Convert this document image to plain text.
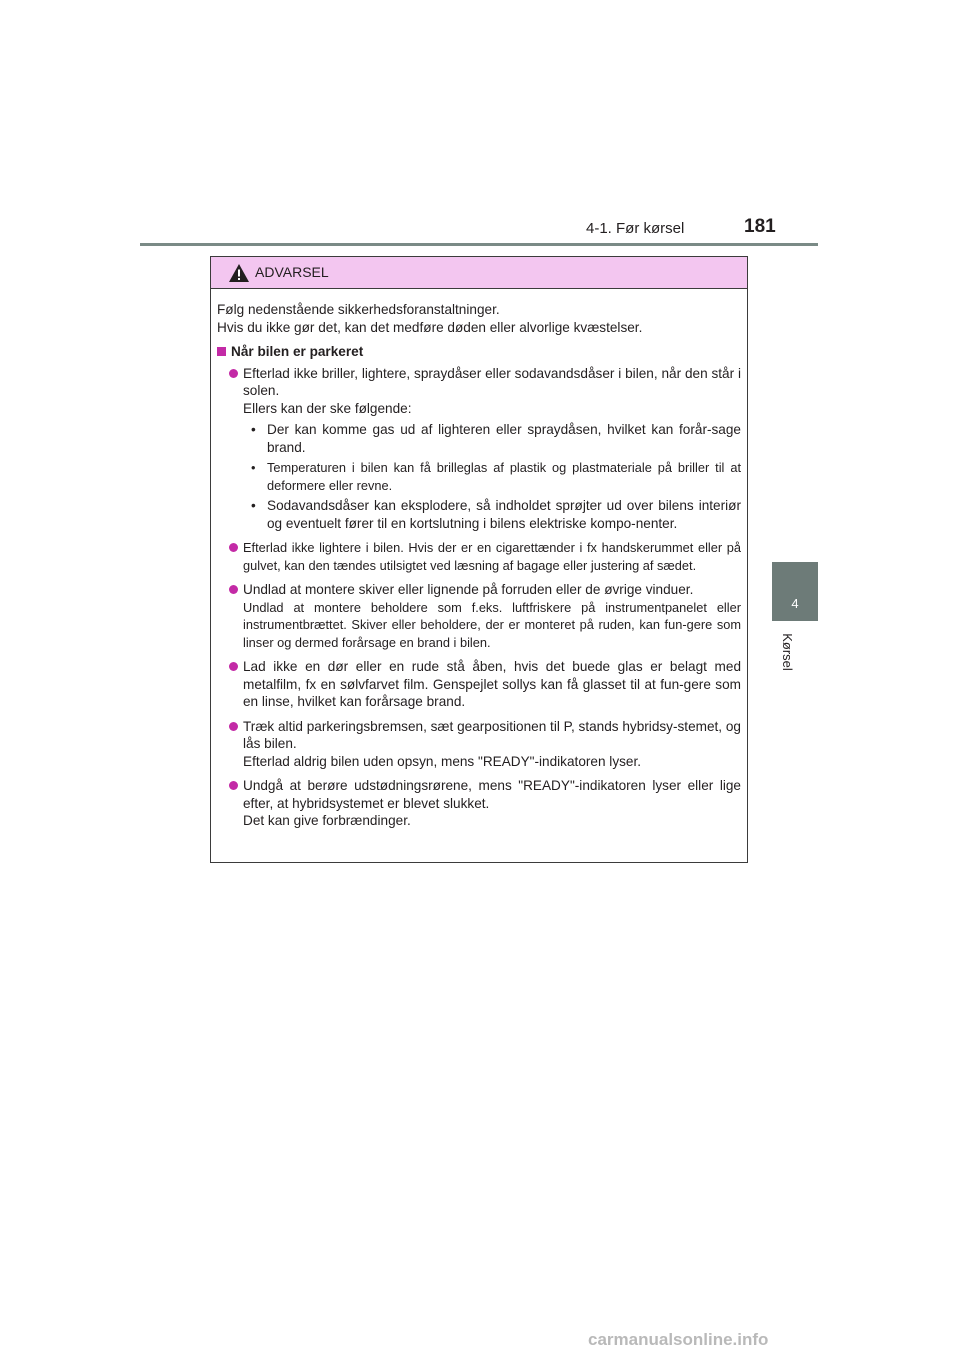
4-1. Før kørsel	181
4
Kørsel
ADVARSEL

Følg nedenstående sikkerhedsforanstaltninger.

Hvis du ikke gør det, kan det medføre døden eller alvorlige kvæstelser.

Når bilen er parkeret

Efterlad ikke briller, lightere, spraydåser eller sodavandsdåser i bilen, når den står i solen.

Ellers kan der ske følgende:

• Der kan komme gas ud af lighteren eller spraydåsen, hvilket kan forår-sage brand.
• Temperaturen i bilen kan få brilleglas af plastik og plastmateriale på briller til at deformere eller revne.
• Sodavandsdåser kan eksplodere, så indholdet sprøjter ud over bilens interiør og eventuelt fører til en kortslutning i bilens elektriske kompo-nenter.

Efterlad ikke lightere i bilen. Hvis der er en cigarettænder i fx handskerummet eller på gulvet, kan den tændes utilsigtet ved læsning af bagage eller justering af sædet.

Undlad at montere skiver eller lignende på forruden eller de øvrige vinduer.

Undlad at montere beholdere som f.eks. luftfriskere på instrumentpanelet eller instrumentbrættet. Skiver eller beholdere, der er monteret på ruden, kan fun-gere som linser og dermed forårsage en brand i bilen.

Lad ikke en dør eller en rude stå åben, hvis det buede glas er belagt med metalfilm, fx en sølvfarvet film. Genspejlet sollys kan få glasset til at fun-gere som en linse, hvilket kan forårsage brand.

Træk altid parkeringsbremsen, sæt gearpositionen til P, stands hybridsy-stemet, og lås bilen.

Efterlad aldrig bilen uden opsyn, mens "READY"-indikatoren lyser.

Undgå at berøre udstødningsrørene, mens "READY"-indikatoren lyser eller lige efter, at hybridsystemet er blevet slukket.

Det kan give forbrændinger.

carmanualsonline.info
